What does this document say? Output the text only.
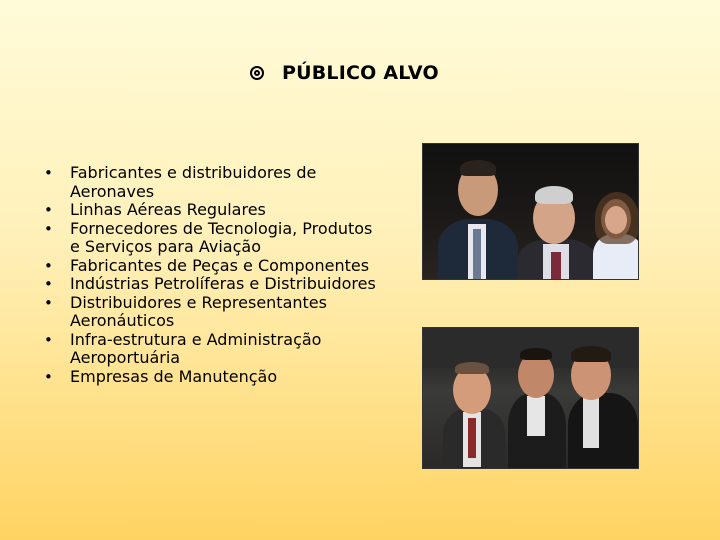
PÚBLICO ALVO
• Fabricantes e distribuidores de Aeronaves
• Linhas Aéreas Regulares
• Fornecedores de Tecnologia, Produtos e Serviços para Aviação
• Fabricantes de Peças e Componentes
• Indústrias Petrolíferas e Distribuidores
• Distribuidores e Representantes Aeronáuticos
• Infra-estrutura e Administração Aeroportuária
• Empresas de Manutenção
